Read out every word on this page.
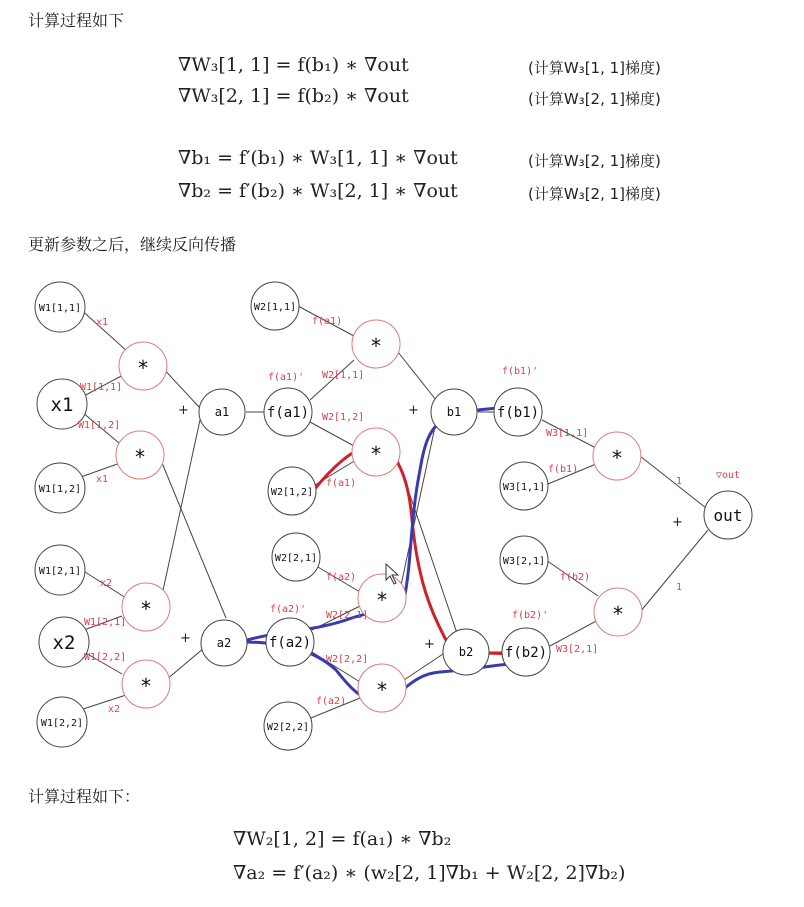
计算过程如下
更新参数之后，继续反向传播
计算过程如下：
∇W₃[1, 1] = f(b₁) ∗ ∇out	(计算W₃[1, 1]梯度)
∇W₃[2, 1] = f(b₂) ∗ ∇out	(计算W₃[2, 1]梯度)
∇b₁ = f′(b₁) ∗ W₃[1, 1] ∗ ∇out	(计算W₃[2, 1]梯度)
∇b₂ = f′(b₂) ∗ W₃[2, 1] ∗ ∇out	(计算W₃[2, 1]梯度)
∇W₂[1, 2] = f(a₁) ∗ ∇b₂
∇a₂ = f′(a₂) ∗ (w₂[2, 1]∇b₁ + W₂[2, 2]∇b₂)
W1[1,1]
x1
W1[1,2]
W1[2,1]
x2
W1[2,2]
*
*
*
*
a1
a2
f(a1)
f(a2)
W2[1,1]
W2[1,2]
W2[2,1]
W2[2,2]
*
*
*
*
b1
b2
f(b1)
f(b2)
W3[1,1]
W3[2,1]
*
*
out
x1
W1[1,1]
W1[1,2]
x1
x2
W1[2,1]
W1[2,2]
x2
f(a1)
f(a1)' W2[1,1]
W2[1,2]
f(a1)
f(a2)
f(a2)'
W2[2,1]
W2[2,2]
f(a2)
f(b1)'
W3[1,1]
f(b1)
f(b2)
f(b2)'
W3[2,1]
▽out
1
1
+
+
+
+
+
